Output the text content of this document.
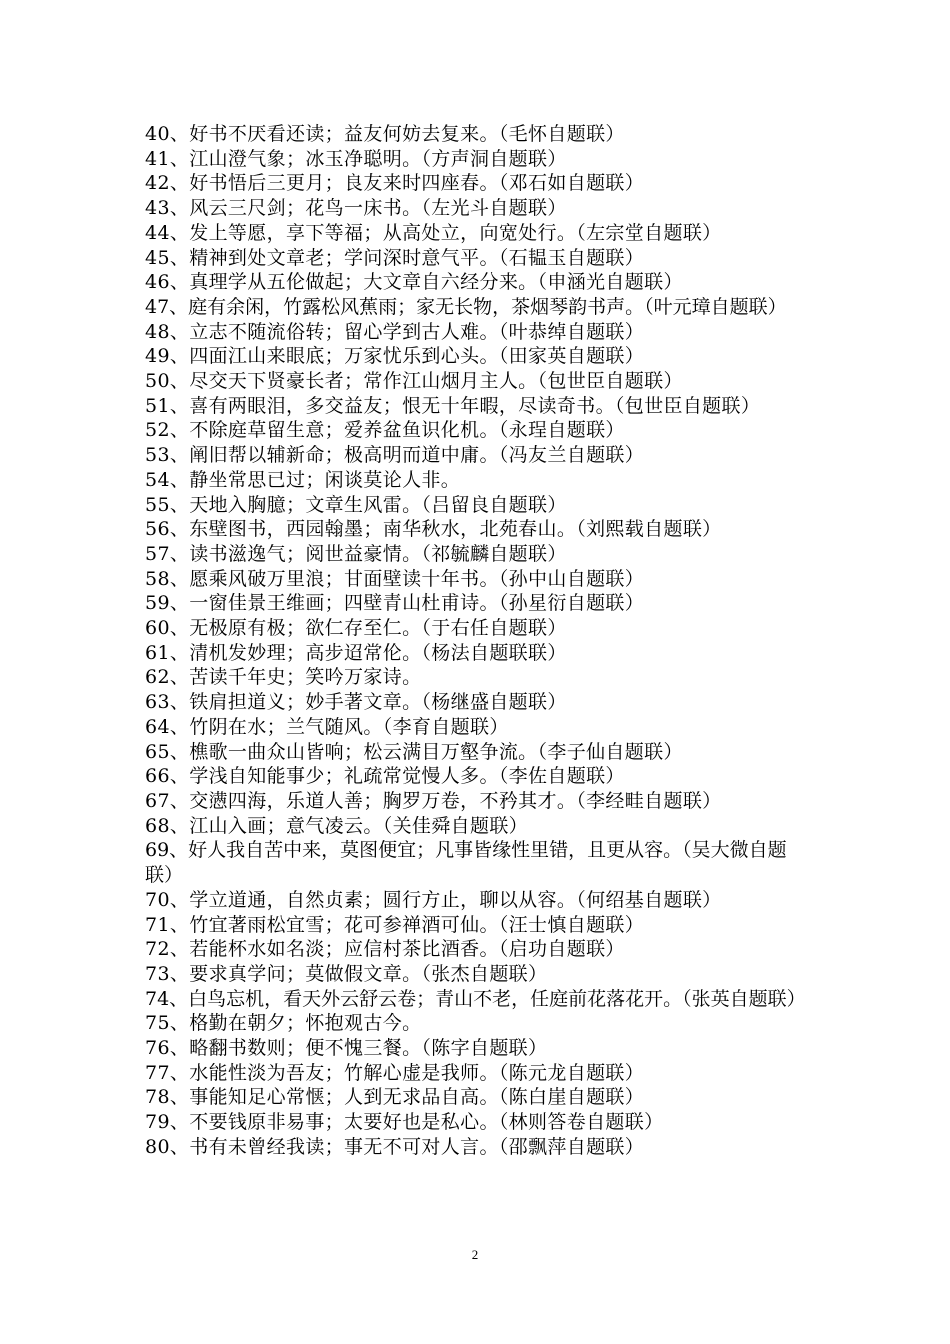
40、好书不厌看还读；益友何妨去复来。（毛怀自题联）
41、江山澄气象；冰玉净聪明。（方声洞自题联）
42、好书悟后三更月；良友来时四座春。（邓石如自题联）
43、风云三尺剑；花鸟一床书。（左光斗自题联）
44、发上等愿，享下等福；从高处立，向宽处行。（左宗堂自题联）
45、精神到处文章老；学问深时意气平。（石韫玉自题联）
46、真理学从五伦做起；大文章自六经分来。（申涵光自题联）
47、庭有余闲，竹露松风蕉雨；家无长物，茶烟琴韵书声。（叶元璋自题联）
48、立志不随流俗转；留心学到古人难。（叶恭绰自题联）
49、四面江山来眼底；万家忧乐到心头。（田家英自题联）
50、尽交天下贤豪长者；常作江山烟月主人。（包世臣自题联）
51、喜有两眼泪，多交益友；恨无十年暇，尽读奇书。（包世臣自题联）
52、不除庭草留生意；爱养盆鱼识化机。（永珵自题联）
53、阐旧帮以辅新命；极高明而道中庸。（冯友兰自题联）
54、静坐常思已过；闲谈莫论人非。
55、天地入胸臆；文章生风雷。（吕留良自题联）
56、东壁图书，西园翰墨；南华秋水，北苑春山。（刘熙载自题联）
57、读书滋逸气；阅世益豪情。（祁毓麟自题联）
58、愿乘风破万里浪；甘面壁读十年书。（孙中山自题联）
59、一窗佳景王维画；四壁青山杜甫诗。（孙星衍自题联）
60、无极原有极；欲仁存至仁。（于右任自题联）
61、清机发妙理；高步迢常伦。（杨法自题联联）
62、苦读千年史；笑吟万家诗。
63、铁肩担道义；妙手著文章。（杨继盛自题联）
64、竹阴在水；兰气随风。（李育自题联）
65、樵歌一曲众山皆响；松云满目万壑争流。（李子仙自题联）
66、学浅自知能事少；礼疏常觉慢人多。（李佐自题联）
67、交懑四海，乐道人善；胸罗万卷，不矜其才。（李经畦自题联）
68、江山入画；意气凌云。（关佳舜自题联）
69、好人我自苦中来，莫图便宜；凡事皆缘性里错，且更从容。（吴大微自题联）
70、学立道通，自然贞素；圆行方止，聊以从容。（何绍基自题联）
71、竹宜著雨松宜雪；花可参禅酒可仙。（汪士慎自题联）
72、若能杯水如名淡；应信村茶比酒香。（启功自题联）
73、要求真学问；莫做假文章。（张杰自题联）
74、白鸟忘机，看天外云舒云卷；青山不老，任庭前花落花开。（张英自题联）
75、格勤在朝夕；怀抱观古今。
76、略翻书数则；便不愧三餐。（陈字自题联）
77、水能性淡为吾友；竹解心虚是我师。（陈元龙自题联）
78、事能知足心常惬；人到无求品自高。（陈白崖自题联）
79、不要钱原非易事；太要好也是私心。（林则答卷自题联）
80、书有未曾经我读；事无不可对人言。（邵飘萍自题联）
2
